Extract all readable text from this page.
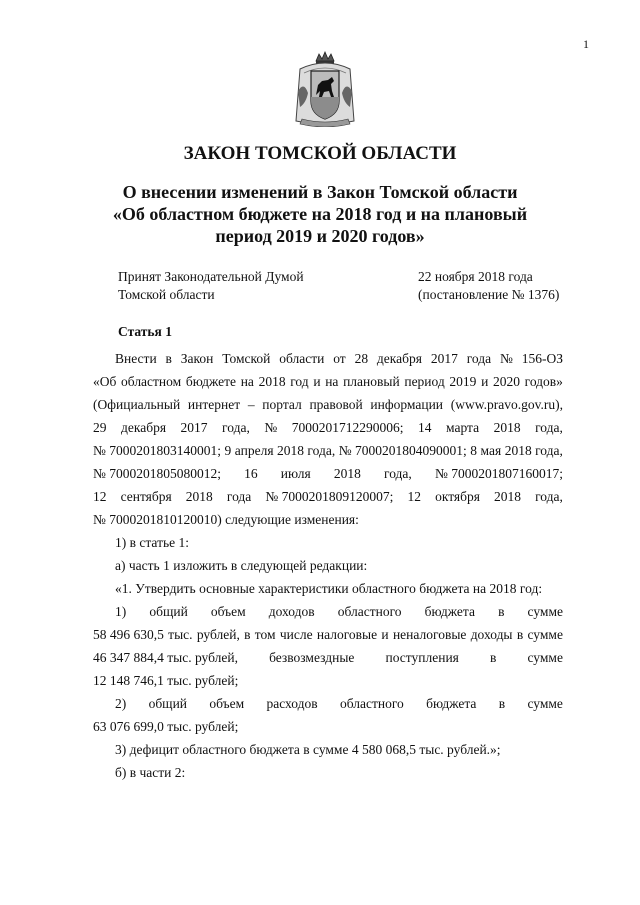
1
ЗАКОН ТОМСКОЙ ОБЛАСТИ
О внесении изменений в Закон Томской области
«Об областном бюджете на 2018 год и на плановый
период 2019 и 2020 годов»
Принят Законодательной Думой
Томской области
22 ноября 2018 года
(постановление № 1376)
Статья 1
Внести в Закон Томской области от 28 декабря 2017 года № 156-ОЗ
«Об областном бюджете на 2018 год и на плановый период 2019 и 2020 годов»
(Официальный интернет – портал правовой информации (www.pravo.gov.ru),
29 декабря 2017 года, № 7000201712290006; 14 марта 2018 года,
№ 7000201803140001; 9 апреля 2018 года, № 7000201804090001; 8 мая 2018 года,
№ 7000201805080012; 16 июля 2018 года, № 7000201807160017;
12 сентября 2018 года № 7000201809120007; 12 октября 2018 года,
№ 7000201810120010) следующие изменения:
1) в статье 1:
а) часть 1 изложить в следующей редакции:
«1. Утвердить основные характеристики областного бюджета на 2018 год:
1) общий объем доходов областного бюджета в сумме
58 496 630,5 тыс. рублей, в том числе налоговые и неналоговые доходы в сумме
46 347 884,4 тыс. рублей, безвозмездные поступления в сумме
12 148 746,1 тыс. рублей;
2) общий объем расходов областного бюджета в сумме
63 076 699,0 тыс. рублей;
3) дефицит областного бюджета в сумме 4 580 068,5 тыс. рублей.»;
б) в части 2:
